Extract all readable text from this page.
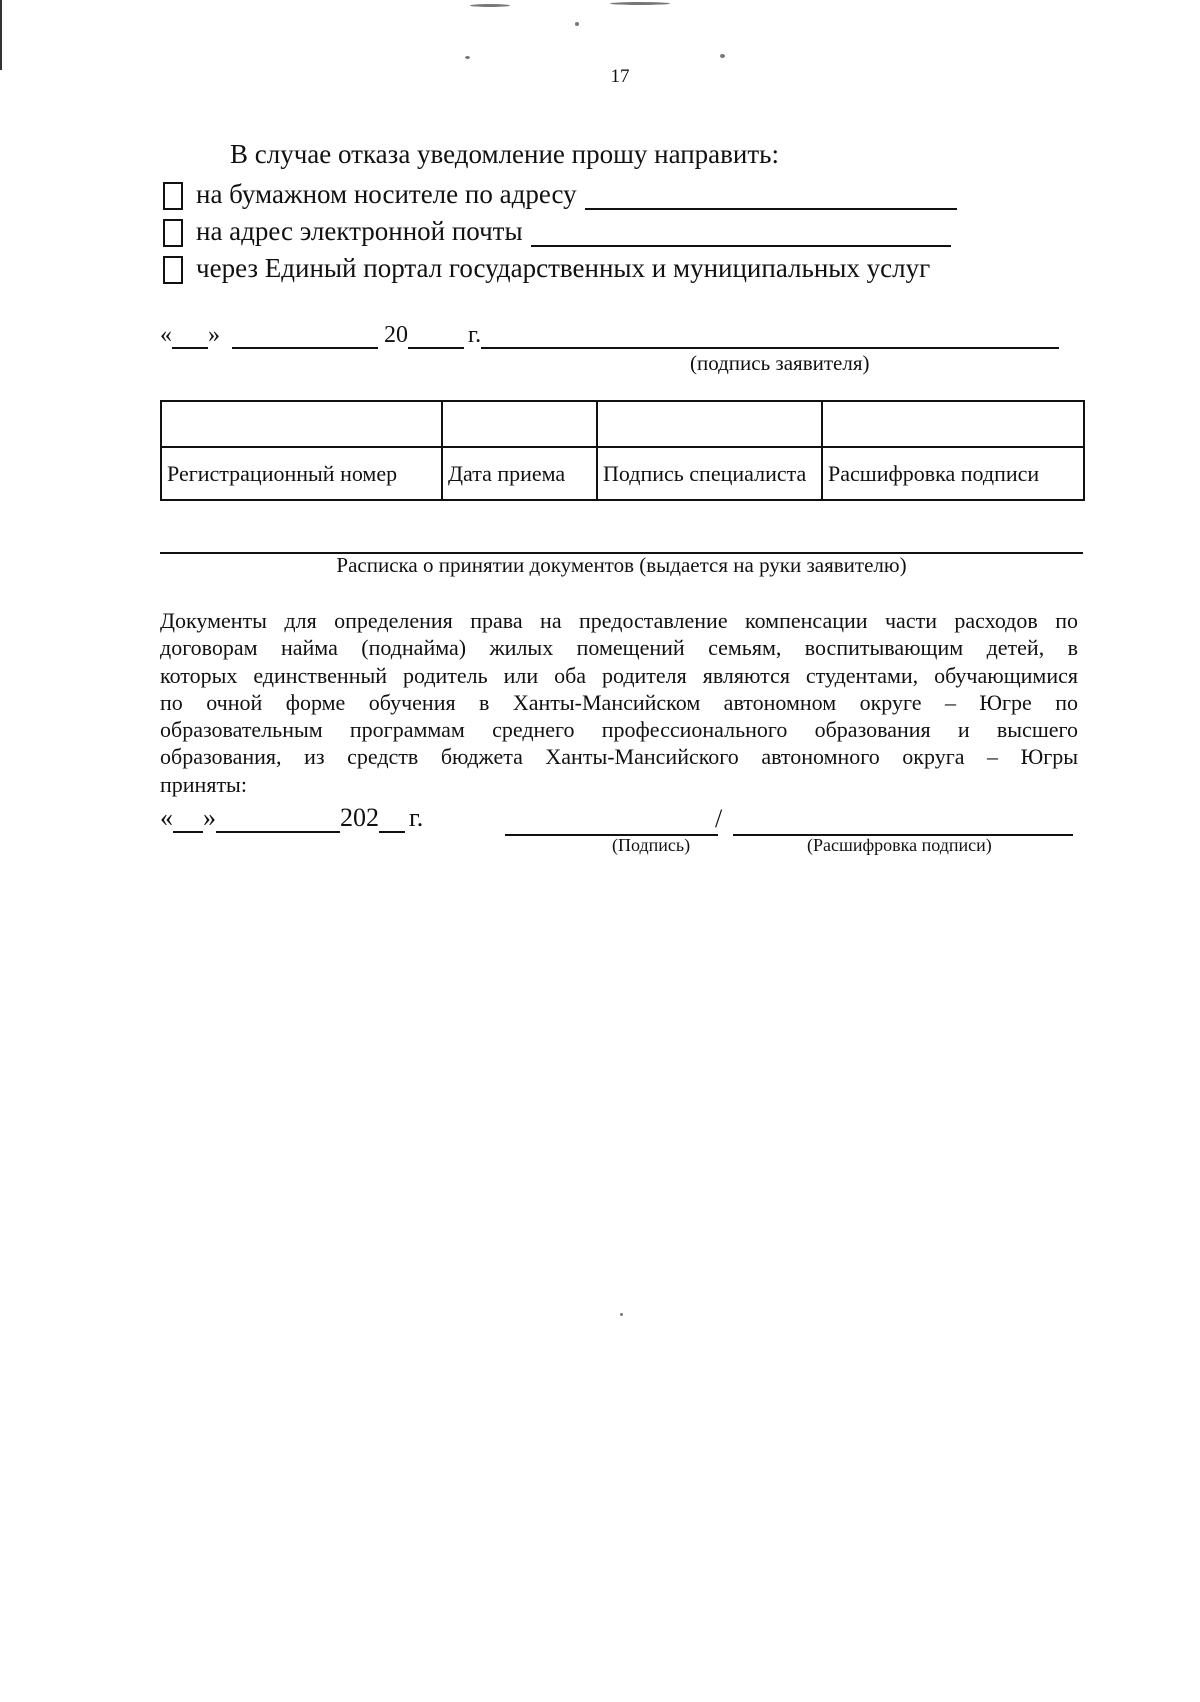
17
В случае отказа уведомление прошу направить:
на бумажном носителе по адресу
на адрес электронной почты
через Единый портал государственных и муниципальных услуг
« »	20	г.
(подпись заявителя)

Регистрационный номер	Дата приема	Подпись специалиста	Расшифровка подписи
Расписка о принятии документов (выдается на руки заявителю)
Документы для определения права на предоставление компенсации части расходов по
договорам найма (поднайма) жилых помещений семьям, воспитывающим детей, в
которых единственный родитель или оба родителя являются студентами, обучающимися
по очной форме обучения в Ханты-Мансийском автономном округе – Югре по
образовательным программам среднего профессионального образования и высшего
образования, из средств бюджета Ханты-Мансийского автономного округа – Югры
приняты:
« »	202 г.	/
(Подпись)	(Расшифровка подписи)
